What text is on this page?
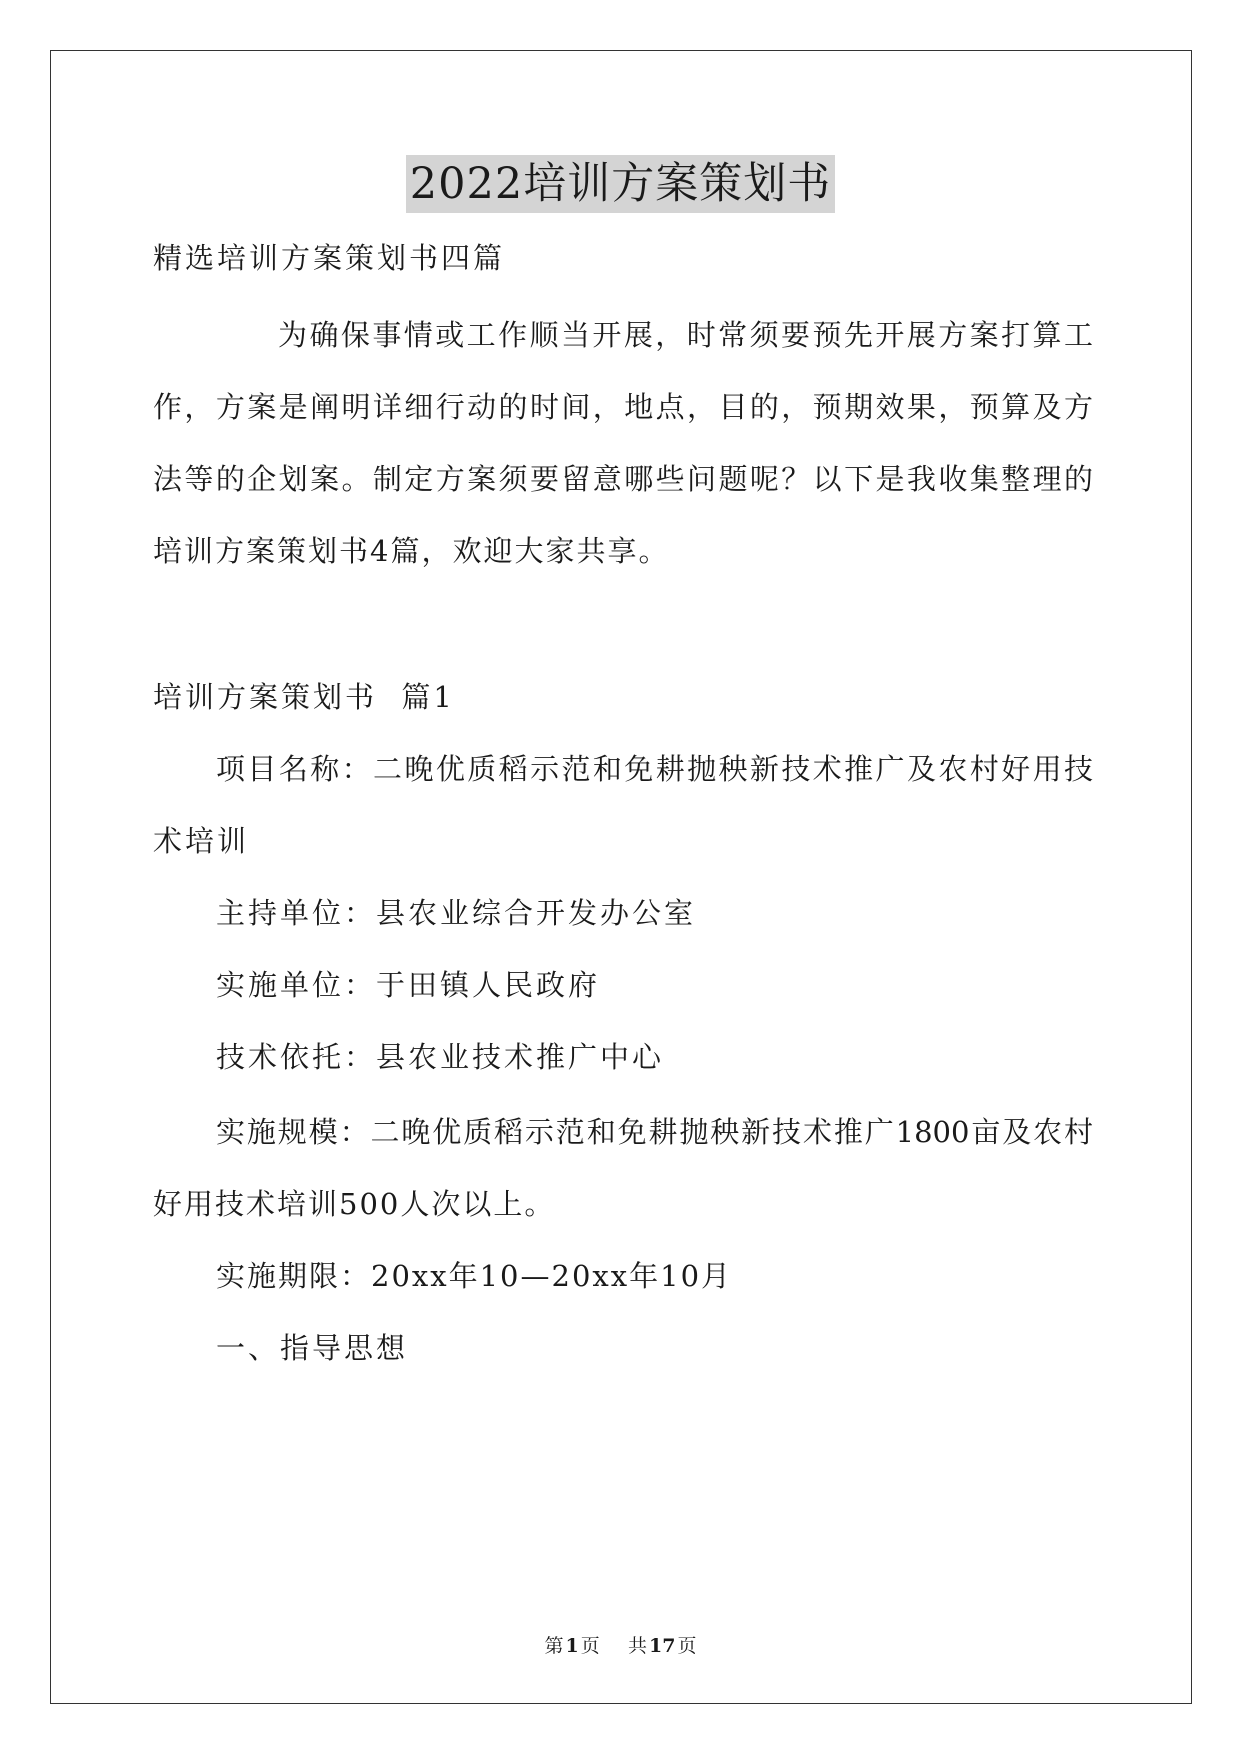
2022培训方案策划书
精选培训方案策划书四篇
为确保事情或工作顺当开展，时常须要预先开展方案打算工
作，方案是阐明详细行动的时间，地点，目的，预期效果，预算及方
法等的企划案。制定方案须要留意哪些问题呢？以下是我收集整理的
培训方案策划书4篇，欢迎大家共享。
培训方案策划书  篇1
项目名称：二晚优质稻示范和免耕抛秧新技术推广及农村好用技
术培训
主持单位：县农业综合开发办公室
实施单位：于田镇人民政府
技术依托：县农业技术推广中心
实施规模：二晚优质稻示范和免耕抛秧新技术推广1800亩及农村
好用技术培训500人次以上。
实施期限：20xx年10—20xx年10月
一、指导思想
第 1 页 共 17 页
